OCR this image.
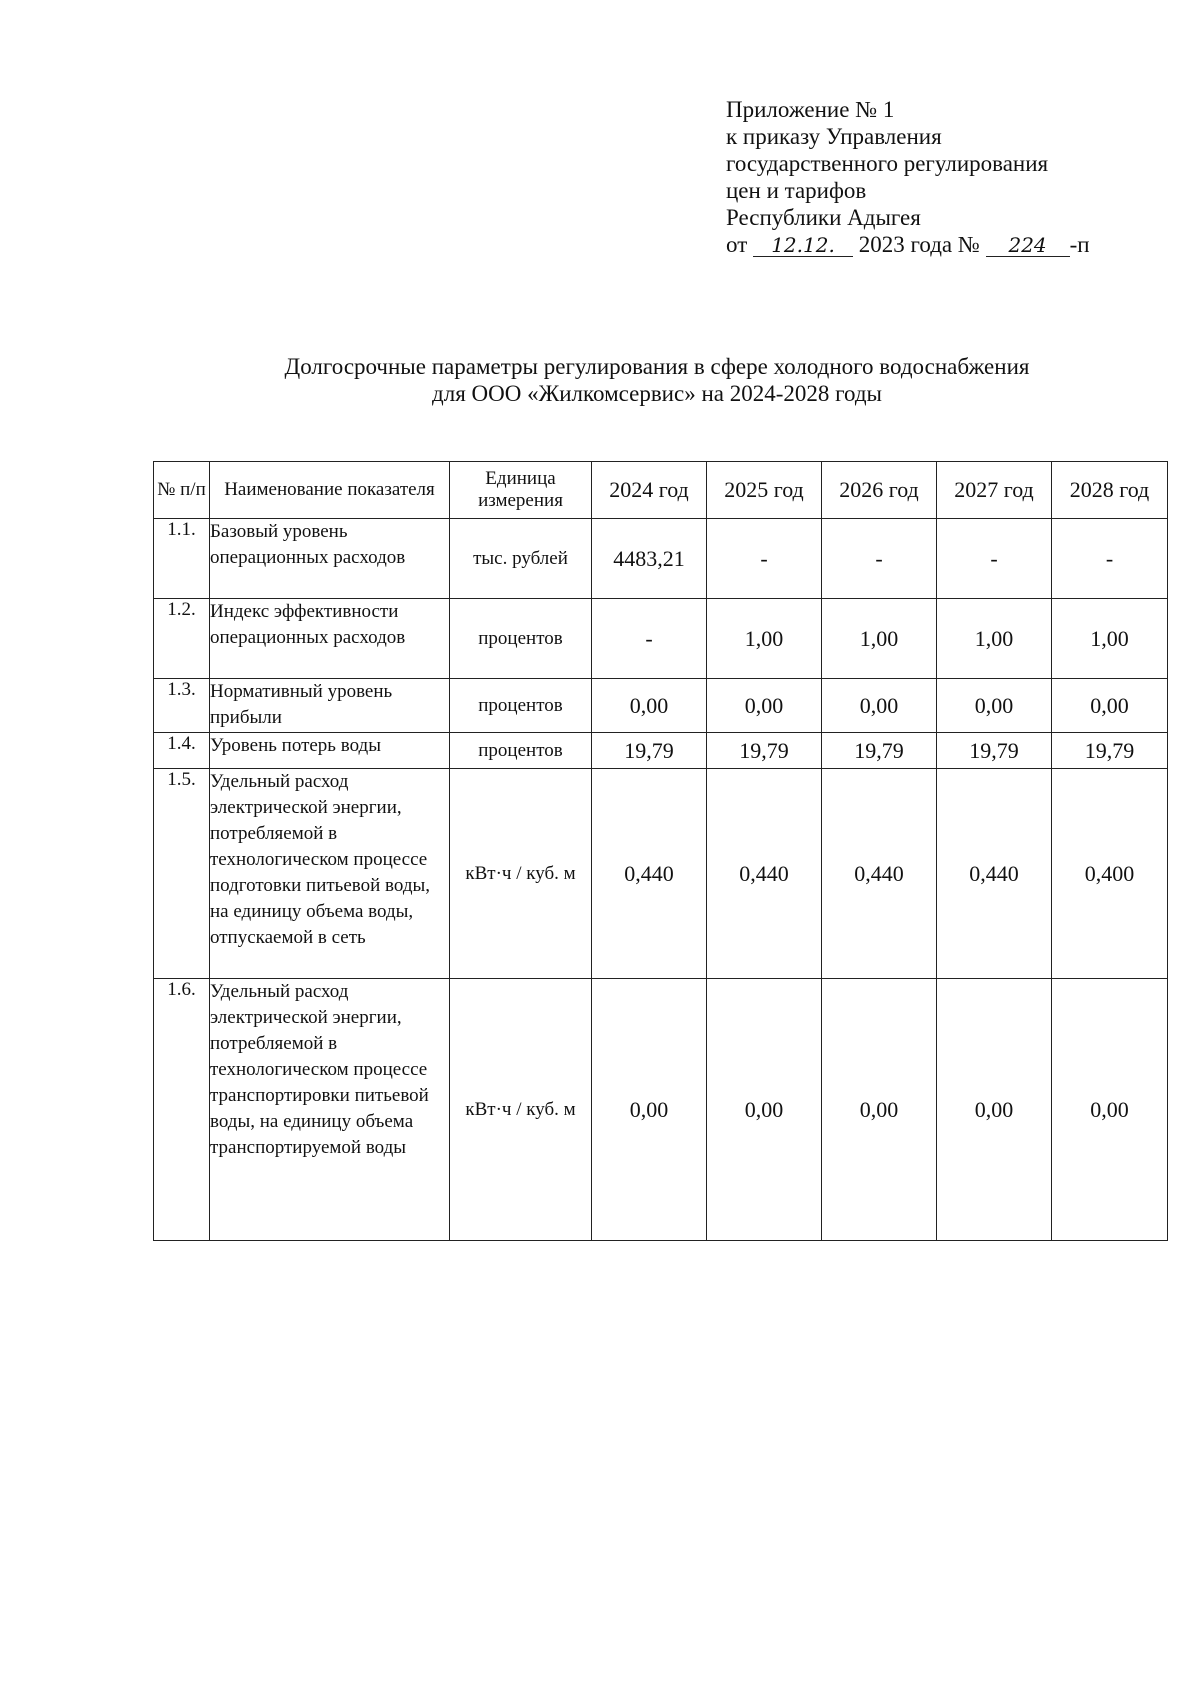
Приложение № 1
к приказу Управления
государственного регулирования
цен и тарифов
Республики Адыгея
от 12.12. 2023 года № 224 -п
Долгосрочные параметры регулирования в сфере холодного водоснабжения
для ООО «Жилкомсервис» на 2024-2028 годы
№ п/п	Наименование показателя	Единица измерения	2024 год	2025 год	2026 год	2027 год	2028 год
1.1.	Базовый уровень операционных расходов	тыс. рублей	4483,21	-	-	-	-
1.2.	Индекс эффективности операционных расходов	процентов	-	1,00	1,00	1,00	1,00
1.3.	Нормативный уровень прибыли	процентов	0,00	0,00	0,00	0,00	0,00
1.4.	Уровень потерь воды	процентов	19,79	19,79	19,79	19,79	19,79
1.5.	Удельный расход электрической энергии, потребляемой в технологическом процессе подготовки питьевой воды, на единицу объема воды, отпускаемой в сеть	кВт·ч / куб. м	0,440	0,440	0,440	0,440	0,400
1.6.	Удельный расход электрической энергии, потребляемой в технологическом процессе транспортировки питьевой воды, на единицу объема транспортируемой воды	кВт·ч / куб. м	0,00	0,00	0,00	0,00	0,00
